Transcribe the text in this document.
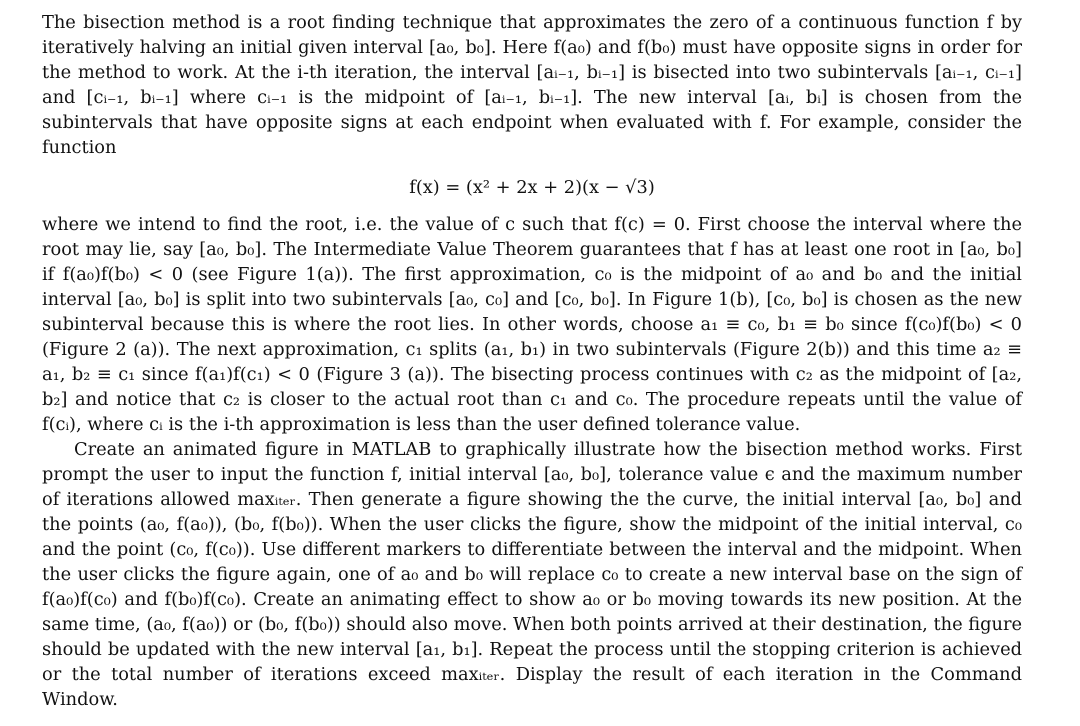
The bisection method is a root finding technique that approximates the zero of a continuous function f by iteratively halving an initial given interval [a₀, b₀]. Here f(a₀) and f(b₀) must have opposite signs in order for the method to work. At the i-th iteration, the interval [aᵢ₋₁, bᵢ₋₁] is bisected into two subintervals [aᵢ₋₁, cᵢ₋₁] and [cᵢ₋₁, bᵢ₋₁] where cᵢ₋₁ is the midpoint of [aᵢ₋₁, bᵢ₋₁]. The new interval [aᵢ, bᵢ] is chosen from the subintervals that have opposite signs at each endpoint when evaluated with f. For example, consider the function

f(x) = (x² + 2x + 2)(x − √3)

where we intend to find the root, i.e. the value of c such that f(c) = 0. First choose the interval where the root may lie, say [a₀, b₀]. The Intermediate Value Theorem guarantees that f has at least one root in [a₀, b₀] if f(a₀)f(b₀) < 0 (see Figure 1(a)). The first approximation, c₀ is the midpoint of a₀ and b₀ and the initial interval [a₀, b₀] is split into two subintervals [a₀, c₀] and [c₀, b₀]. In Figure 1(b), [c₀, b₀] is chosen as the new subinterval because this is where the root lies. In other words, choose a₁ ≡ c₀, b₁ ≡ b₀ since f(c₀)f(b₀) < 0 (Figure 2 (a)). The next approximation, c₁ splits (a₁, b₁) in two subintervals (Figure 2(b)) and this time a₂ ≡ a₁, b₂ ≡ c₁ since f(a₁)f(c₁) < 0 (Figure 3 (a)). The bisecting process continues with c₂ as the midpoint of [a₂, b₂] and notice that c₂ is closer to the actual root than c₁ and c₀. The procedure repeats until the value of f(cᵢ), where cᵢ is the i-th approximation is less than the user defined tolerance value.

Create an animated figure in MATLAB to graphically illustrate how the bisection method works. First prompt the user to input the function f, initial interval [a₀, b₀], tolerance value ϵ and the maximum number of iterations allowed maxᵢₜₑᵣ. Then generate a figure showing the the curve, the initial interval [a₀, b₀] and the points (a₀, f(a₀)), (b₀, f(b₀)). When the user clicks the figure, show the midpoint of the initial interval, c₀ and the point (c₀, f(c₀)). Use different markers to differentiate between the interval and the midpoint. When the user clicks the figure again, one of a₀ and b₀ will replace c₀ to create a new interval base on the sign of f(a₀)f(c₀) and f(b₀)f(c₀). Create an animating effect to show a₀ or b₀ moving towards its new position. At the same time, (a₀, f(a₀)) or (b₀, f(b₀)) should also move. When both points arrived at their destination, the figure should be updated with the new interval [a₁, b₁]. Repeat the process until the stopping criterion is achieved or the total number of iterations exceed maxᵢₜₑᵣ. Display the result of each iteration in the Command Window.
